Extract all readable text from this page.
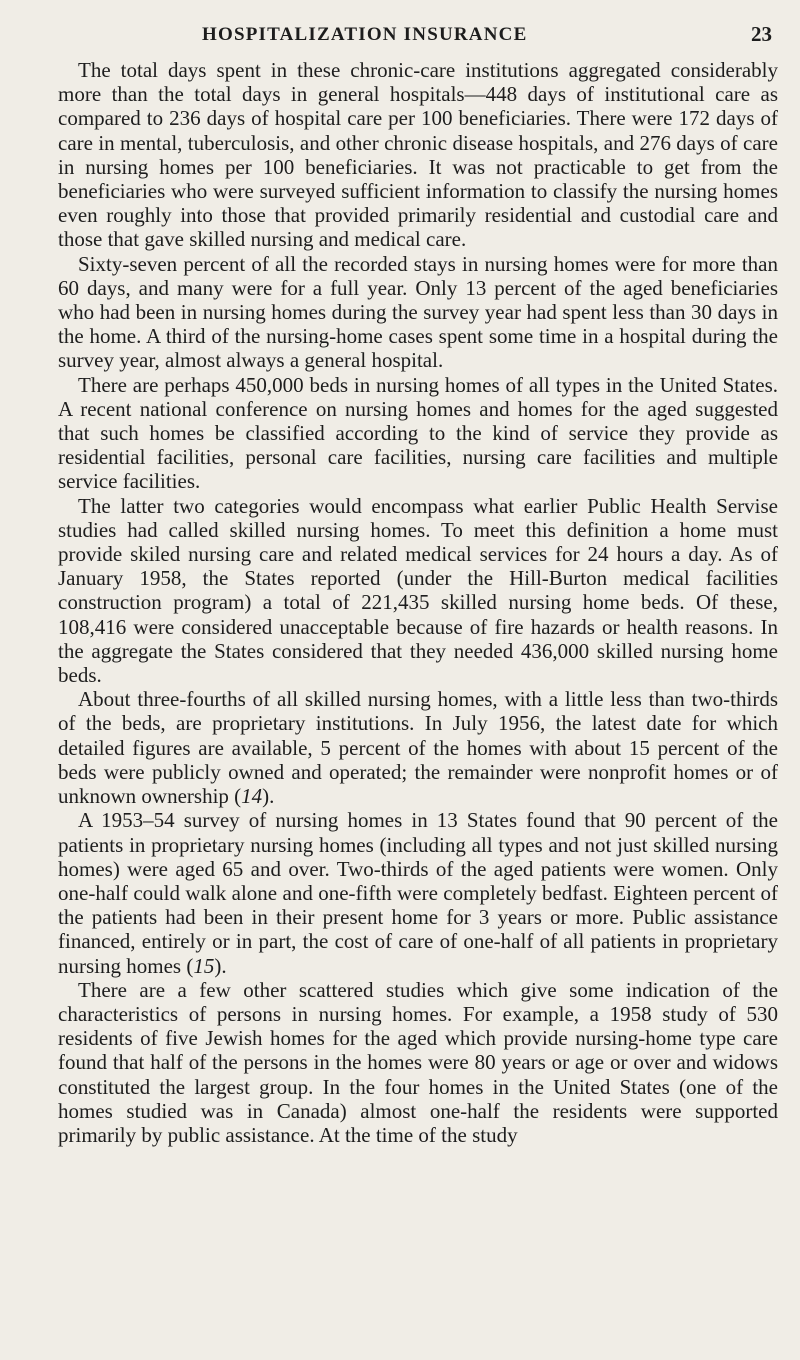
HOSPITALIZATION INSURANCE	23

The total days spent in these chronic-care institutions aggregated considerably more than the total days in general hospitals—448 days of institutional care as compared to 236 days of hospital care per 100 beneficiaries. There were 172 days of care in mental, tuberculosis, and other chronic disease hospitals, and 276 days of care in nursing homes per 100 beneficiaries. It was not practicable to get from the beneficiaries who were surveyed sufficient information to classify the nursing homes even roughly into those that provided primarily residential and custodial care and those that gave skilled nursing and medical care.

Sixty-seven percent of all the recorded stays in nursing homes were for more than 60 days, and many were for a full year. Only 13 percent of the aged beneficiaries who had been in nursing homes during the survey year had spent less than 30 days in the home. A third of the nursing-home cases spent some time in a hospital during the survey year, almost always a general hospital.

There are perhaps 450,000 beds in nursing homes of all types in the United States. A recent national conference on nursing homes and homes for the aged suggested that such homes be classified according to the kind of service they provide as residential facilities, personal care facilities, nursing care facilities and multiple service facilities.

The latter two categories would encompass what earlier Public Health Servise studies had called skilled nursing homes. To meet this definition a home must provide skiled nursing care and related medical services for 24 hours a day. As of January 1958, the States reported (under the Hill-Burton medical facilities construction program) a total of 221,435 skilled nursing home beds. Of these, 108,416 were considered unacceptable because of fire hazards or health reasons. In the aggregate the States considered that they needed 436,000 skilled nursing home beds.

About three-fourths of all skilled nursing homes, with a little less than two-thirds of the beds, are proprietary institutions. In July 1956, the latest date for which detailed figures are available, 5 percent of the homes with about 15 percent of the beds were publicly owned and operated; the remainder were nonprofit homes or of unknown ownership (14).

A 1953–54 survey of nursing homes in 13 States found that 90 percent of the patients in proprietary nursing homes (including all types and not just skilled nursing homes) were aged 65 and over. Two-thirds of the aged patients were women. Only one-half could walk alone and one-fifth were completely bedfast. Eighteen percent of the patients had been in their present home for 3 years or more. Public assistance financed, entirely or in part, the cost of care of one-half of all patients in proprietary nursing homes (15).

There are a few other scattered studies which give some indication of the characteristics of persons in nursing homes. For example, a 1958 study of 530 residents of five Jewish homes for the aged which provide nursing-home type care found that half of the persons in the homes were 80 years or age or over and widows constituted the largest group. In the four homes in the United States (one of the homes studied was in Canada) almost one-half the residents were supported primarily by public assistance. At the time of the study
